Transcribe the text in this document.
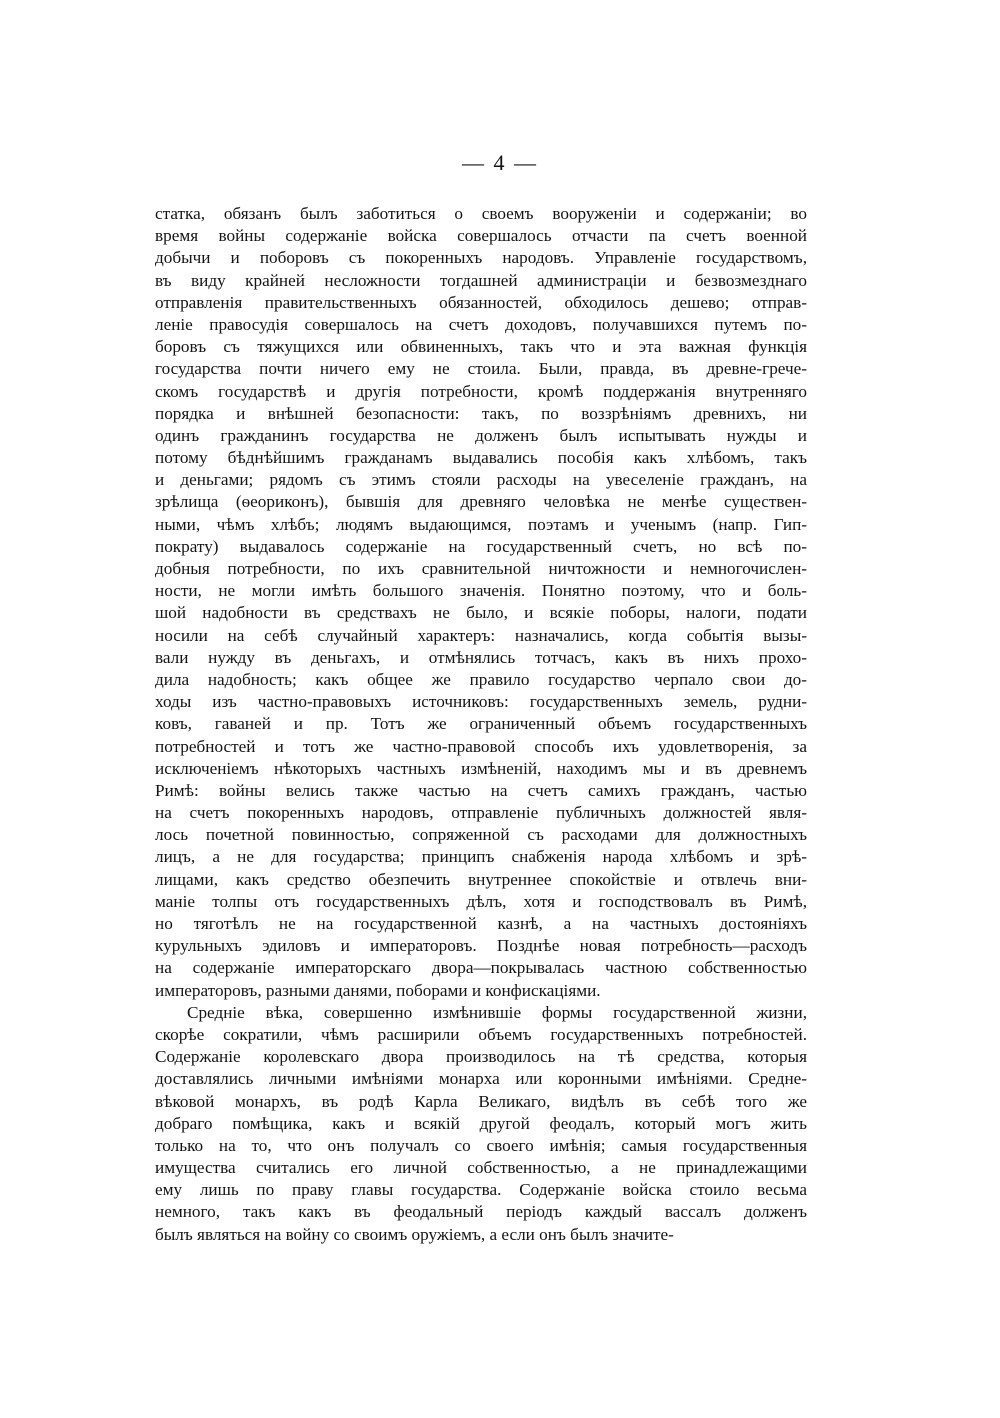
— 4 —
статка, обязанъ былъ заботиться о своемъ вооруженіи и содержаніи; во
время войны содержаніе войска совершалось отчасти па счетъ военной
добычи и поборовъ съ покоренныхъ народовъ. Управленіе государствомъ,
въ виду крайней несложности тогдашней администраціи и безвозмезднаго
отправленія правительственныхъ обязанностей, обходилось дешево; отправ-
леніе правосудія совершалось на счетъ доходовъ, получавшихся путемъ по-
боровъ съ тяжущихся или обвиненныхъ, такъ что и эта важная функція
государства почти ничего ему не стоила. Были, правда, въ древне-грече-
скомъ государствѣ и другія потребности, кромѣ поддержанія внутренняго
порядка и внѣшней безопасности: такъ, по воззрѣніямъ древнихъ, ни
одинъ гражданинъ государства не долженъ былъ испытывать нужды и
потому бѣднѣйшимъ гражданамъ выдавались пособія какъ хлѣбомъ, такъ
и деньгами; рядомъ съ этимъ стояли расходы на увеселеніе гражданъ, на
зрѣлища (ѳеориконъ), бывшія для древняго человѣка не менѣе существен-
ными, чѣмъ хлѣбъ; людямъ выдающимся, поэтамъ и ученымъ (напр. Гип-
пократу) выдавалось содержаніе на государственный счетъ, но всѣ по-
добныя потребности, по ихъ сравнительной ничтожности и немногочислен-
ности, не могли имѣть большого значенія. Понятно поэтому, что и боль-
шой надобности въ средствахъ не было, и всякіе поборы, налоги, подати
носили на себѣ случайный характеръ: назначались, когда событія вызы-
вали нужду въ деньгахъ, и отмѣнялись тотчасъ, какъ въ нихъ прохо-
дила надобность; какъ общее же правило государство черпало свои до-
ходы изъ частно-правовыхъ источниковъ: государственныхъ земель, рудни-
ковъ, гаваней и пр. Тотъ же ограниченный объемъ государственныхъ
потребностей и тотъ же частно-правовой способъ ихъ удовлетворенія, за
исключеніемъ нѣкоторыхъ частныхъ измѣненій, находимъ мы и въ древнемъ
Римѣ: войны велись также частью на счетъ самихъ гражданъ, частью
на счетъ покоренныхъ народовъ, отправленіе публичныхъ должностей явля-
лось почетной повинностью, сопряженной съ расходами для должностныхъ
лицъ, а не для государства; принципъ снабженія народа хлѣбомъ и зрѣ-
лищами, какъ средство обезпечить внутреннее спокойствіе и отвлечь вни-
маніе толпы отъ государственныхъ дѣлъ, хотя и господствовалъ въ Римѣ,
но тяготѣлъ не на государственной казнѣ, а на частныхъ достояніяхъ
курульныхъ эдиловъ и императоровъ. Позднѣе новая потребность—расходъ
на содержаніе императорскаго двора—покрывалась частною собственностью
императоровъ, разными данями, поборами и конфискаціями.
Средніе вѣка, совершенно измѣнившіе формы государственной жизни,
скорѣе сократили, чѣмъ расширили объемъ государственныхъ потребностей.
Содержаніе королевскаго двора производилось на тѣ средства, которыя
доставлялись личными имѣніями монарха или коронными имѣніями. Средне-
вѣковой монархъ, въ родѣ Карла Великаго, видѣлъ въ себѣ того же
добраго помѣщика, какъ и всякій другой феодалъ, который могъ жить
только на то, что онъ получалъ со своего имѣнія; самыя государственныя
имущества считались его личной собственностью, а не принадлежащими
ему лишь по праву главы государства. Содержаніе войска стоило весьма
немного, такъ какъ въ феодальный періодъ каждый вассалъ долженъ
былъ являться на войну со своимъ оружіемъ, а если онъ былъ значите-
